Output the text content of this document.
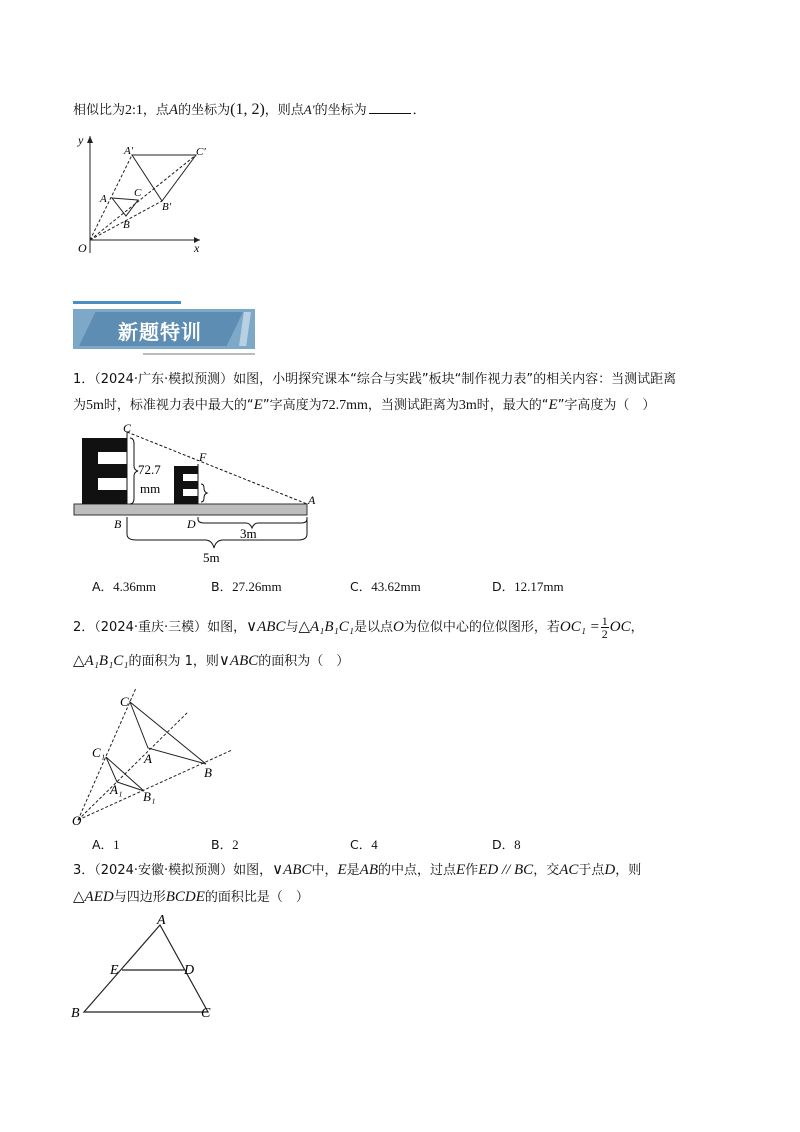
相似比为2:1，点A的坐标为(1, 2)，则点A′的坐标为	．
y
x
O
A
B
C
A′
B′
C′
新题特训
1．（2024·广东·模拟预测）如图，小明探究课本“综合与实践”板块“制作视力表”的相关内容：当测试距离
为5m时，标准视力表中最大的“E”字高度为72.7mm，当测试距离为3m时，最大的“E”字高度为（　）
C
F
A
B	D
72.7
mm
3m
5m
A．4.36mm	B．27.26mm	C．43.62mm	D．12.17mm
2．（2024·重庆·三模）如图，∨ABC与△A₁B₁C₁是以点O为位似中心的位似图形，若$OC_1 = \frac{1}{2}$ OC，
△A₁B₁C₁的面积为 1，则∨ABC的面积为（　）
C
A
B
C₁
A₁ B₁
O
A．1	B．2	C．4	D．8
3．（2024·安徽·模拟预测）如图，∨ABC中，E是AB的中点，过点E作ED // BC，交AC于点D，则
△AED与四边形BCDE的面积比是（　）
A
E	D
B	C
